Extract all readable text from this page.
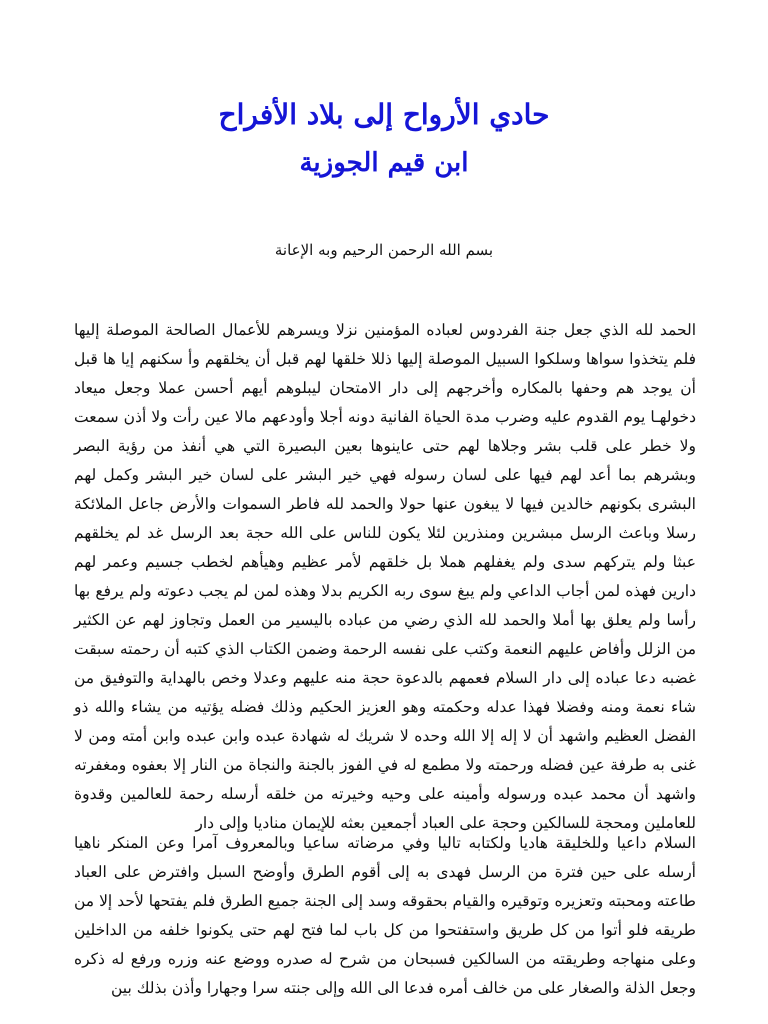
حادي الأرواح إلى بلاد الأفراح
ابن قيم الجوزية

بسم الله الرحمن الرحيم وبه الإعانة

الحمد لله الذي جعل جنة الفردوس لعباده المؤمنين نزلا ويسرهم للأعمال الصالحة الموصلة إليها فلم يتخذوا سواها وسلكوا السبيل الموصلة إليها ذللا خلقها لهم قبل أن يخلقهم وأ سكنهم إيا ها قبل أن يوجد هم وحفها بالمكاره وأخرجهم إلى دار الامتحان ليبلوهم أيهم أحسن عملا وجعل ميعاد دخولهـا يوم القدوم عليه وضرب مدة الحياة الفانية دونه أجلا وأودعهم مالا عين رأت ولا أذن سمعت ولا خطر على قلب بشر وجلاها لهم حتى عاينوها بعين البصيرة التي هي أنفذ من رؤية البصر وبشرهم بما أعد لهم فيها على لسان رسوله فهي خير البشر على لسان خير البشر وكمل لهم البشرى بكونهم خالدين فيها لا يبغون عنها حولا والحمد لله فاطر السموات والأرض جاعل الملائكة رسلا وباعث الرسل مبشرين ومنذرين لئلا يكون للناس على الله حجة بعد الرسل غد لم يخلقهم عبثا ولم يتركهم سدى ولم يغفلهم هملا بل خلقهم لأمر عظيم وهيأهم لخطب جسيم وعمر لهم دارين فهذه لمن أجاب الداعي ولم يبغ سوى ربه الكريم بدلا وهذه لمن لم يجب دعوته ولم يرفع بها رأسا ولم يعلق بها أملا والحمد لله الذي رضي من عباده باليسير من العمل وتجاوز لهم عن الكثير من الزلل وأفاض عليهم النعمة وكتب على نفسه الرحمة وضمن الكتاب الذي كتبه أن رحمته سبقت غضبه دعا عباده إلى دار السلام فعمهم بالدعوة حجة منه عليهم وعدلا وخص بالهداية والتوفيق من شاء نعمة ومنه وفضلا فهذا عدله وحكمته وهو العزيز الحكيم وذلك فضله يؤتيه من يشاء والله ذو الفضل العظيم واشهد أن لا إله إلا الله وحده لا شريك له شهادة عبده وابن عبده وابن أمته ومن لا غنى به طرفة عين فضله ورحمته ولا مطمع له في الفوز بالجنة والنجاة من النار إلا بعفوه ومغفرته واشهد أن محمد عبده ورسوله وأمينه على وحيه وخيرته من خلقه أرسله رحمة للعالمين وقدوة للعاملين ومحجة للسالكين وحجة على العباد أجمعين بعثه للإيمان مناديا وإلى دار

السلام داعيا وللخليقة هاديا ولكتابه تاليا وفي مرضاته ساعيا وبالمعروف آمرا وعن المنكر ناهيا أرسله على حين فترة من الرسل فهدى به إلى أقوم الطرق وأوضح السبل وافترض على العباد طاعته ومحبته وتعزيره وتوقيره والقيام بحقوقه وسد إلى الجنة جميع الطرق فلم يفتحها لأحد إلا من طريقه فلو أتوا من كل طريق واستفتحوا من كل باب لما فتح لهم حتى يكونوا خلفه من الداخلين وعلى منهاجه وطريقته من السالكين فسبحان من شرح له صدره ووضع عنه وزره ورفع له ذكره وجعل الذلة والصغار على من خالف أمره فدعا الى الله وإلى جنته سرا وجهارا وأذن بذلك بين
